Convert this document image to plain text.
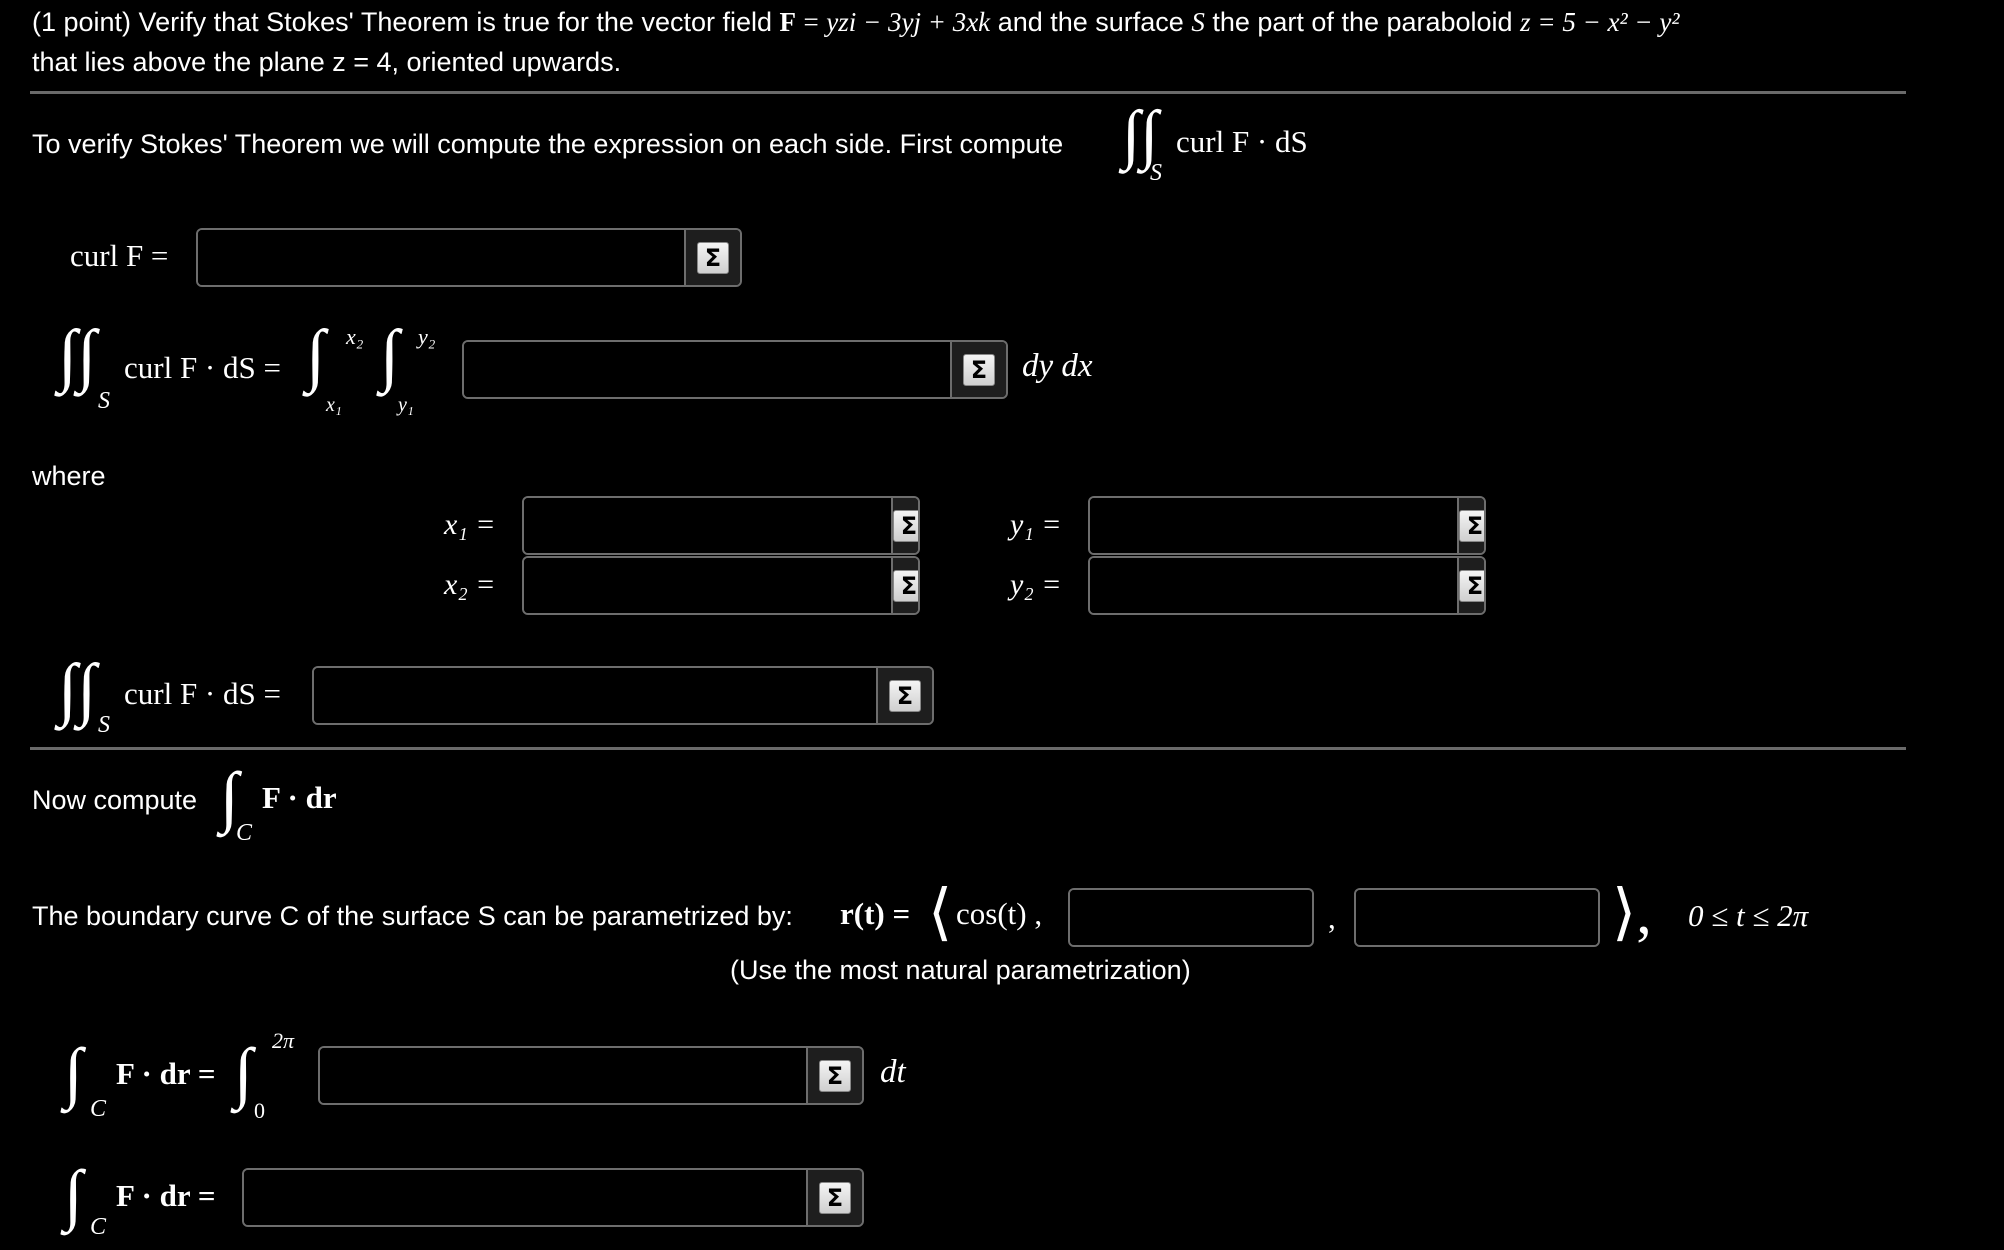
(1 point) Verify that Stokes' Theorem is true for the vector field F = yzi − 3yj + 3xk and the surface S the part of the paraboloid z = 5 − x² − y²
that lies above the plane z = 4, oriented upwards.
To verify Stokes' Theorem we will compute the expression on each side. First compute ∫∫
S
curl F · dS
curl F =	Σ
∫∫
S
curl F · dS = ∫ x₂
x₁
∫ y₂
y₁
Σ dy dx
where
x₁ =	Σ
x₂ =	Σ
y₁ =	Σ
y₂ =	Σ
∫∫ S
curl F · dS =	Σ
Now compute ∫
C
F · dr
The boundary curve C of the surface S can be parametrized by: r(t) = ⟨ cos(t) ,	,	⟩, 0 ≤ t ≤ 2π
(Use the most natural parametrization)
∫ C
F · dr = ∫ 2π
0
Σ dt
∫ C
F · dr =	Σ
